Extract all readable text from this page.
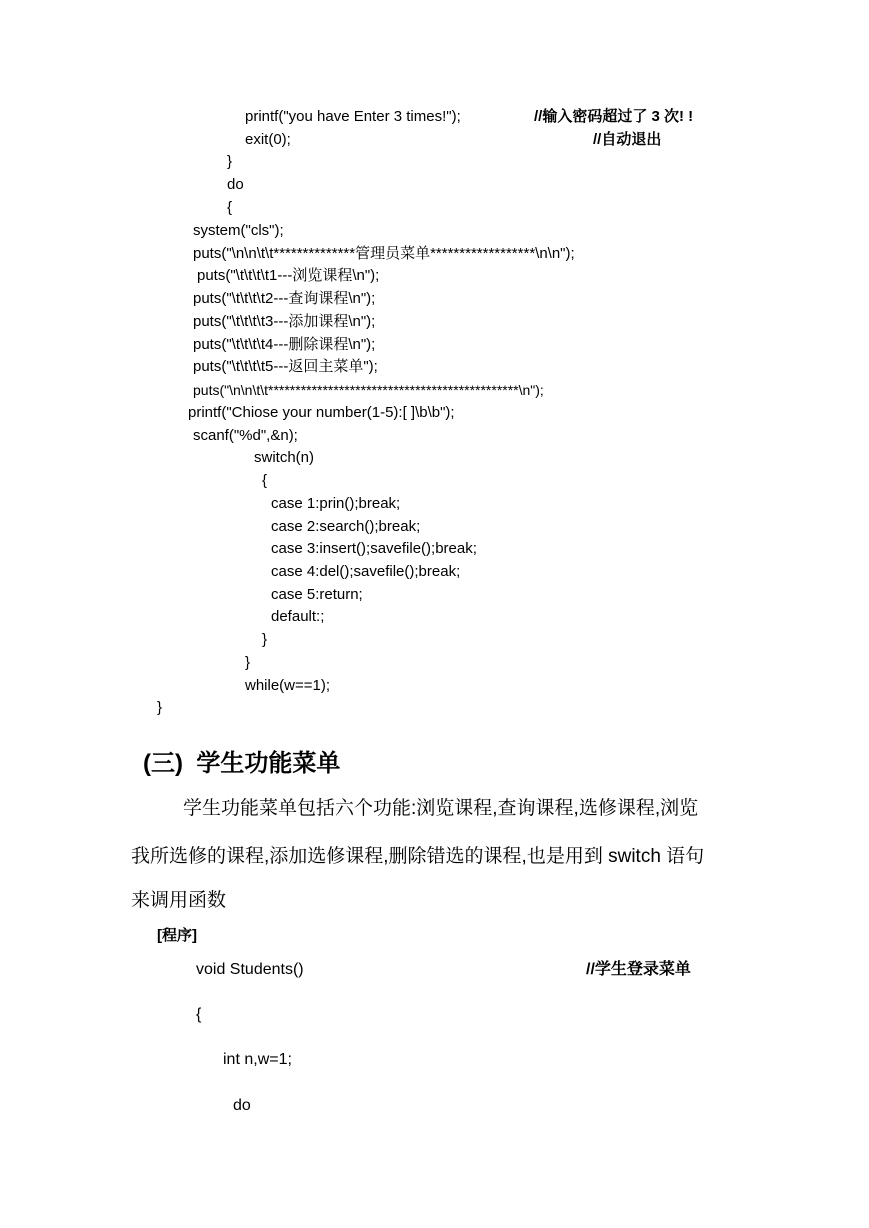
printf("you have Enter 3 times!");	//输入密码超过了 3 次! !
exit(0);	//自动退出
}
do
{
system("cls");
puts("\n\n\t\t**************管理员菜单******************\n\n");
puts("\t\t\t\t1---浏览课程\n");
puts("\t\t\t\t2---查询课程\n");
puts("\t\t\t\t3---添加课程\n");
puts("\t\t\t\t4---删除课程\n");
puts("\t\t\t\t5---返回主菜单");
puts("\n\n\t\t**********************************************\n");
printf("Chiose your number(1-5):[ ]\b\b");
scanf("%d",&n);
switch(n)
{
case 1:prin();break;
case 2:search();break;
case 3:insert();savefile();break;
case 4:del();savefile();break;
case 5:return;
default:;
}
}
while(w==1);
}
(三)  学生功能菜单
学生功能菜单包括六个功能:浏览课程,查询课程,选修课程,浏览
我所选修的课程,添加选修课程,删除错选的课程,也是用到 switch 语句
来调用函数
[程序]
void Students()	//学生登录菜单
{
int n,w=1;
do
